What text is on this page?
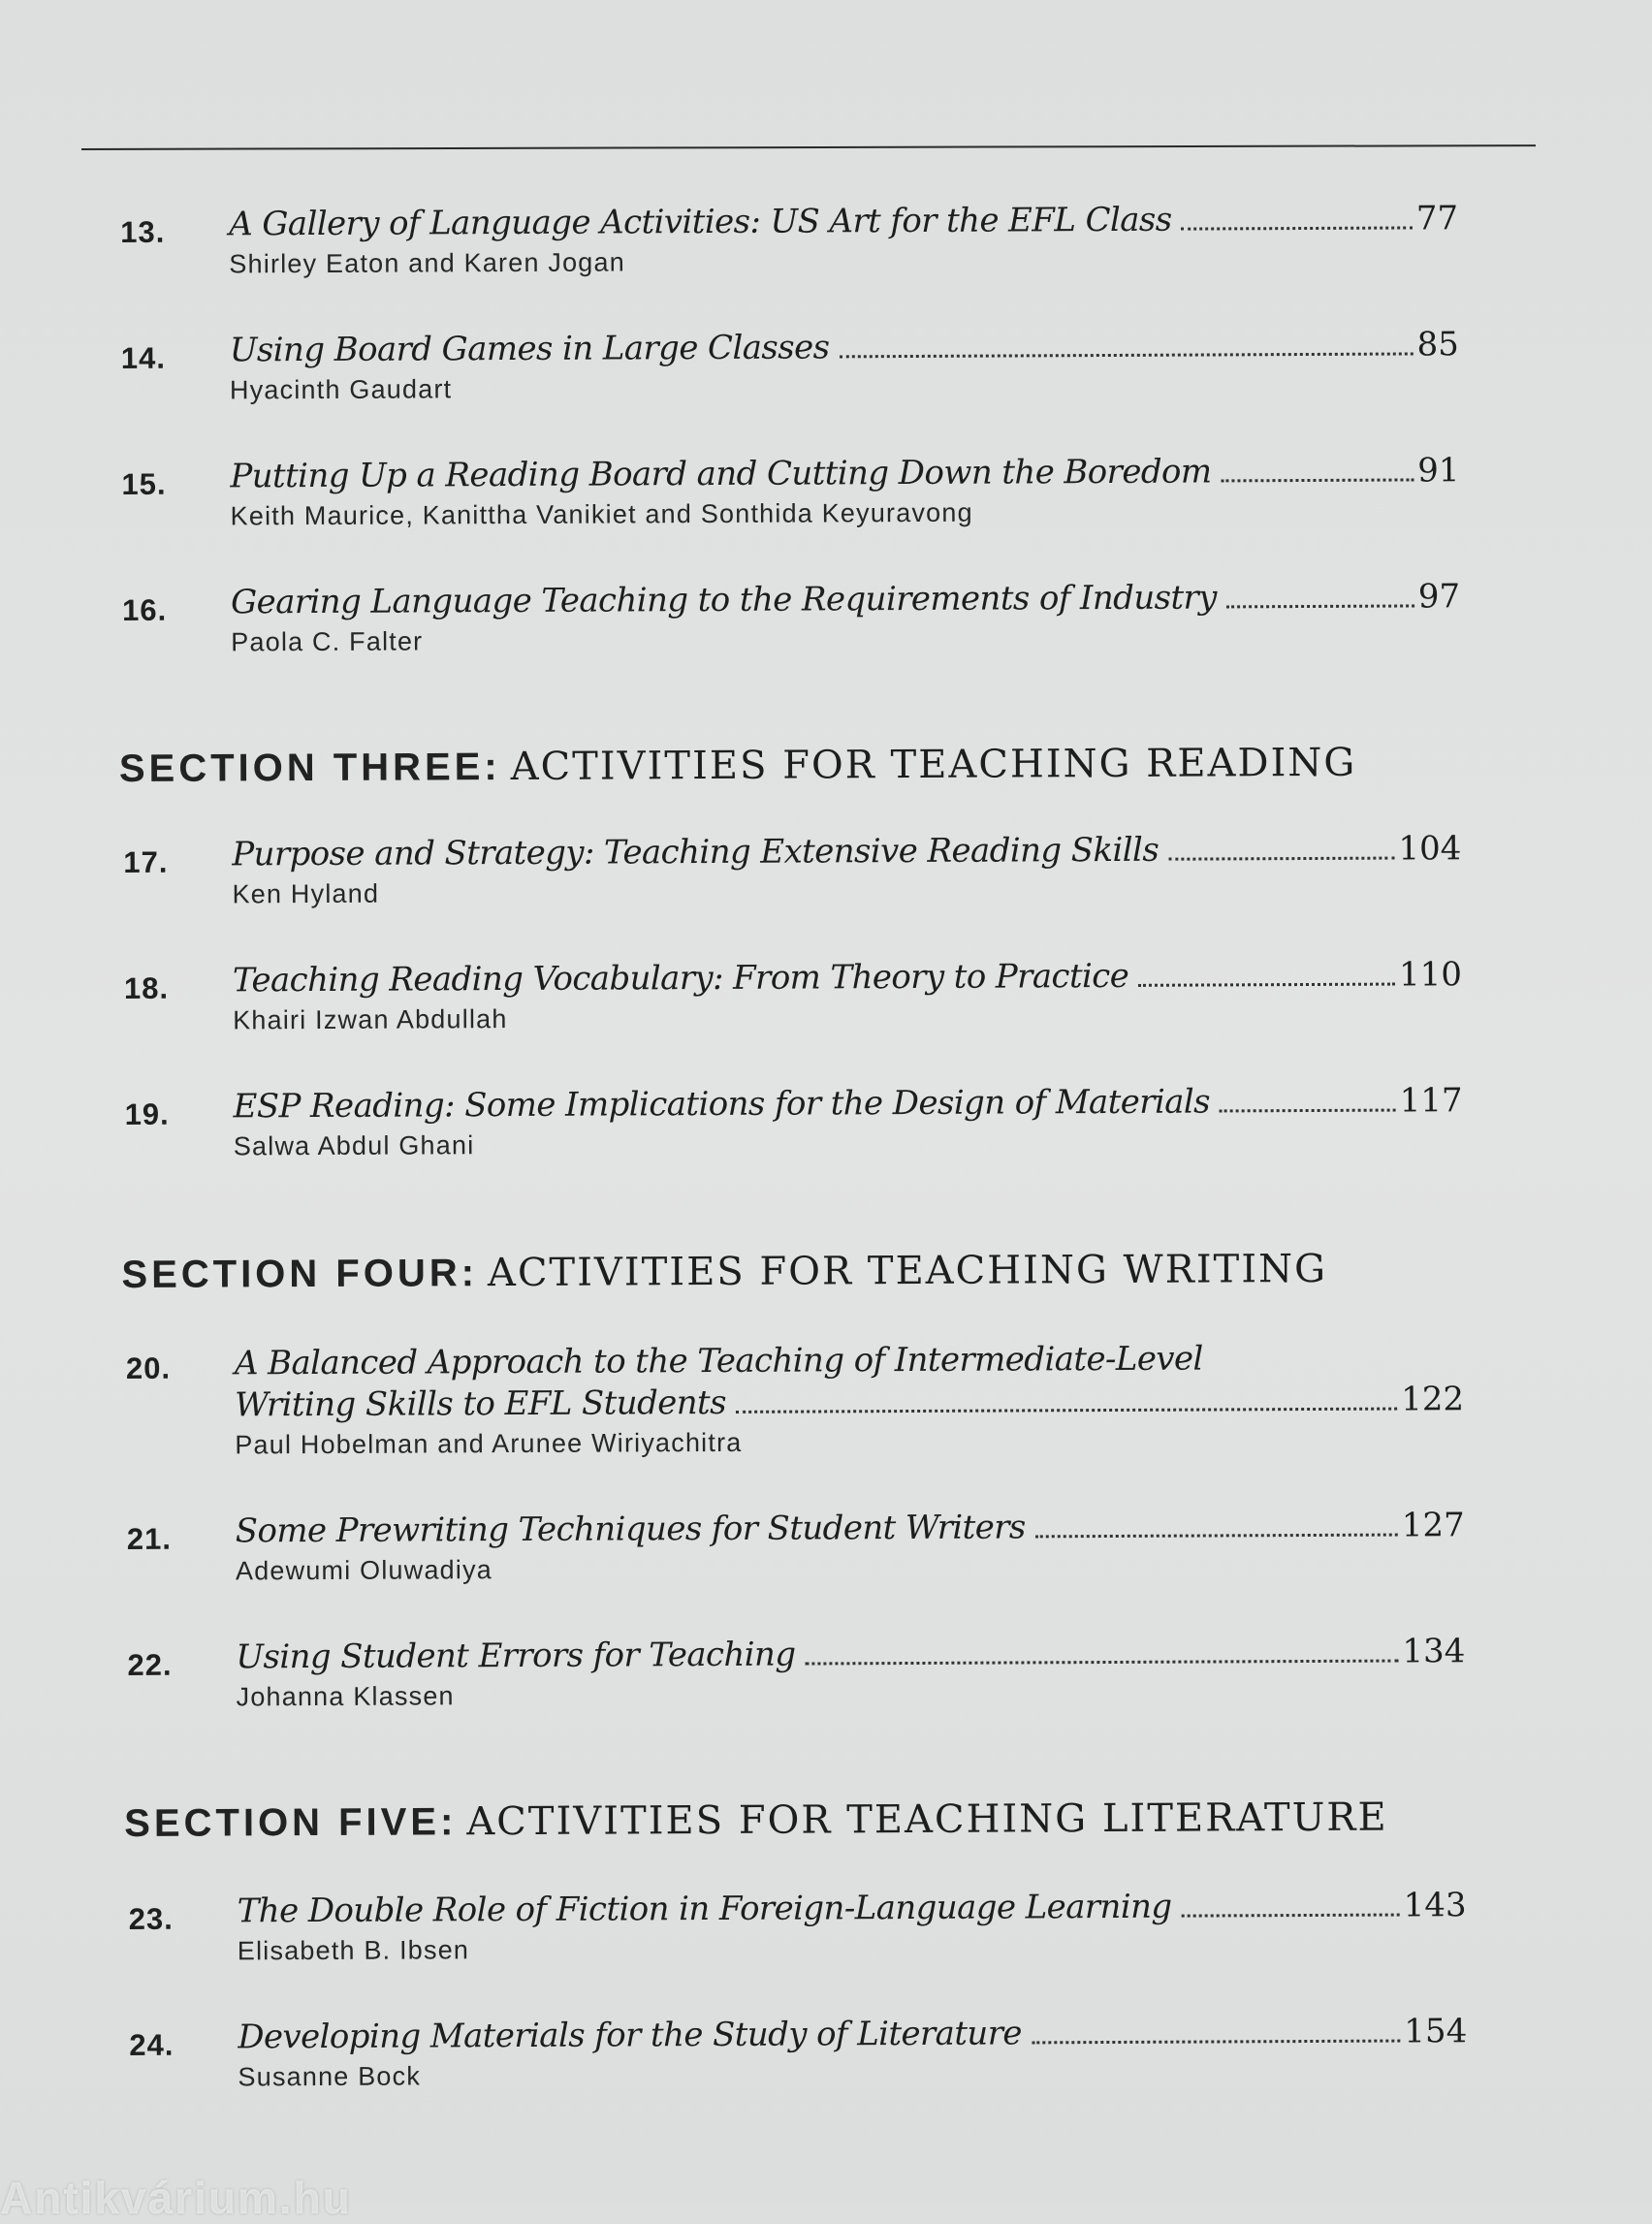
13. A Gallery of Language Activities: US Art for the EFL Class	77
Shirley Eaton and Karen Jogan
14. Using Board Games in Large Classes	85
Hyacinth Gaudart
15. Putting Up a Reading Board and Cutting Down the Boredom	91
Keith Maurice, Kanittha Vanikiet and Sonthida Keyuravong
16. Gearing Language Teaching to the Requirements of Industry	97
Paola C. Falter
SECTION THREE: ACTIVITIES FOR TEACHING READING
17. Purpose and Strategy: Teaching Extensive Reading Skills	104
Ken Hyland
18. Teaching Reading Vocabulary: From Theory to Practice	110
Khairi Izwan Abdullah
19. ESP Reading: Some Implications for the Design of Materials	117
Salwa Abdul Ghani
SECTION FOUR: ACTIVITIES FOR TEACHING WRITING
20. A Balanced Approach to the Teaching of Intermediate-Level
Writing Skills to EFL Students	122
Paul Hobelman and Arunee Wiriyachitra
21. Some Prewriting Techniques for Student Writers	127
Adewumi Oluwadiya
22. Using Student Errors for Teaching	134
Johanna Klassen
SECTION FIVE: ACTIVITIES FOR TEACHING LITERATURE
23. The Double Role of Fiction in Foreign-Language Learning	143
Elisabeth B. Ibsen
24. Developing Materials for the Study of Literature	154
Susanne Bock
Antikvárium.hu
